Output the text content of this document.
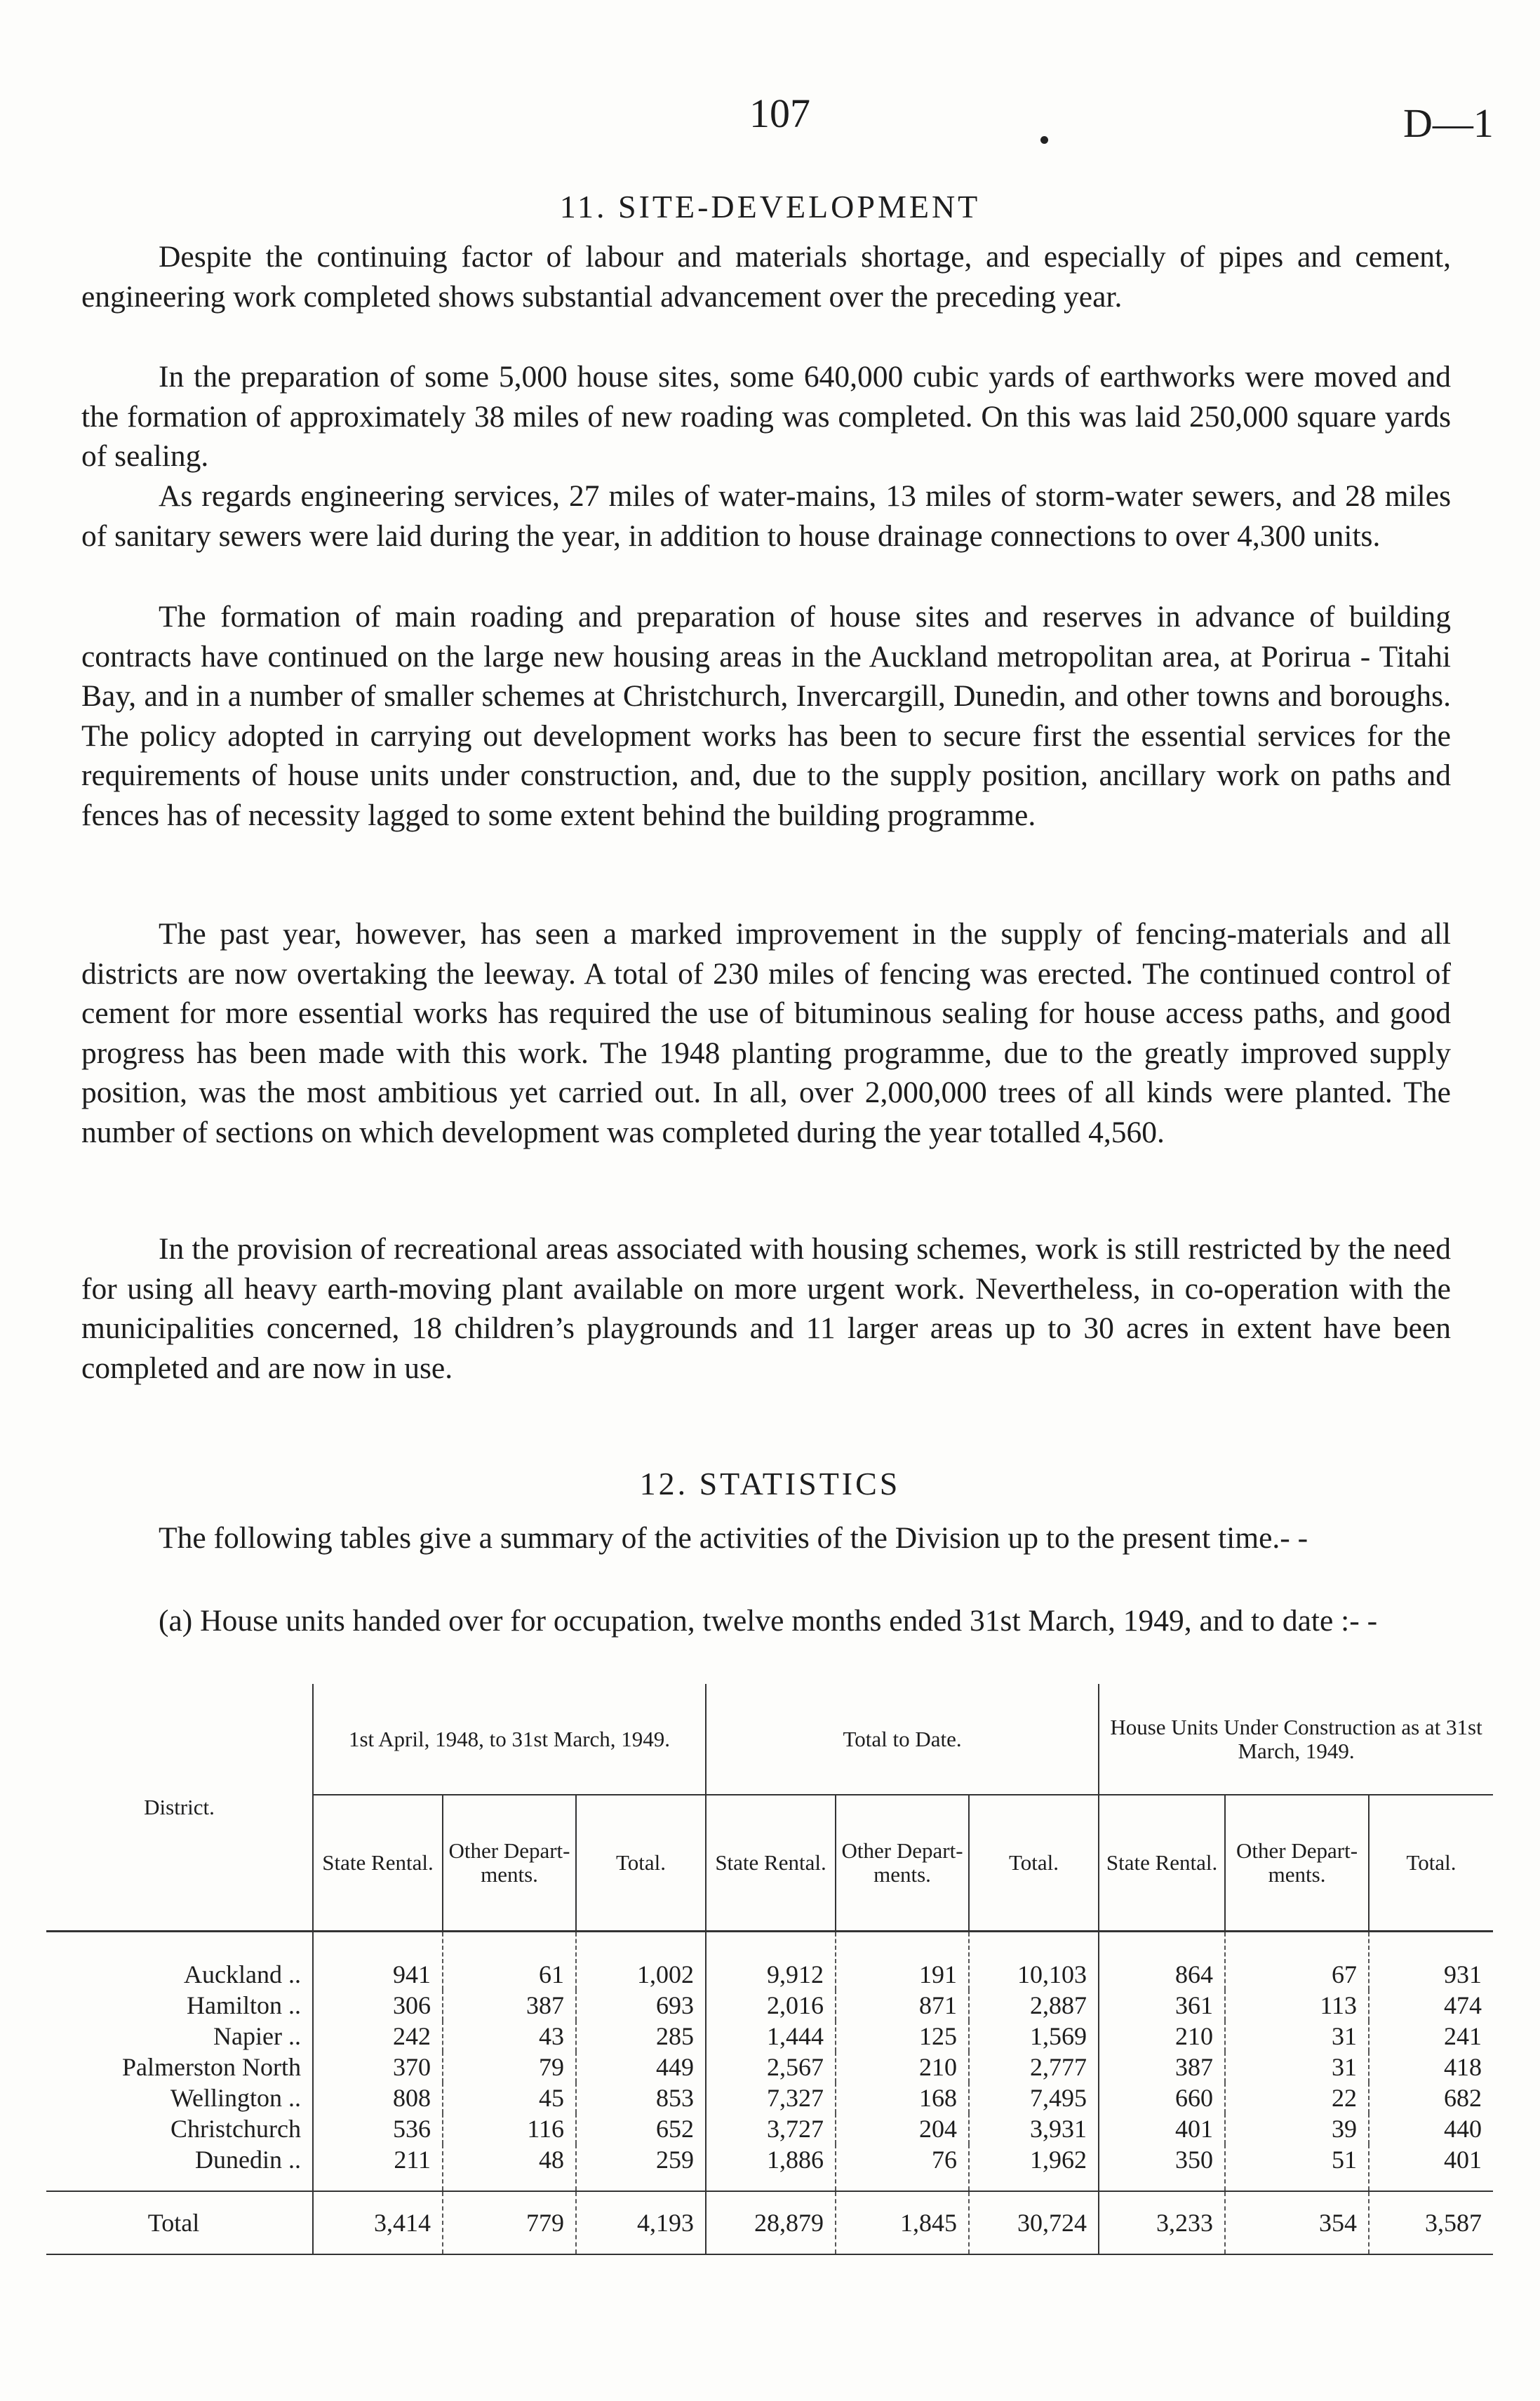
107	D—1
11. SITE-DEVELOPMENT

Despite the continuing factor of labour and materials shortage, and especially of pipes and cement, engineering work completed shows substantial advancement over the preceding year.

In the preparation of some 5,000 house sites, some 640,000 cubic yards of earthworks were moved and the formation of approximately 38 miles of new roading was completed. On this was laid 250,000 square yards of sealing.

As regards engineering services, 27 miles of water-mains, 13 miles of storm-water sewers, and 28 miles of sanitary sewers were laid during the year, in addition to house drainage connections to over 4,300 units.

The formation of main roading and preparation of house sites and reserves in advance of building contracts have continued on the large new housing areas in the Auckland metropolitan area, at Porirua - Titahi Bay, and in a number of smaller schemes at Christchurch, Invercargill, Dunedin, and other towns and boroughs. The policy adopted in carrying out development works has been to secure first the essential services for the requirements of house units under construction, and, due to the supply position, ancillary work on paths and fences has of necessity lagged to some extent behind the building programme.

The past year, however, has seen a marked improvement in the supply of fencing-materials and all districts are now overtaking the leeway. A total of 230 miles of fencing was erected. The continued control of cement for more essential works has required the use of bituminous sealing for house access paths, and good progress has been made with this work. The 1948 planting programme, due to the greatly improved supply position, was the most ambitious yet carried out. In all, over 2,000,000 trees of all kinds were planted. The number of sections on which development was completed during the year totalled 4,560.

In the provision of recreational areas associated with housing schemes, work is still restricted by the need for using all heavy earth-moving plant available on more urgent work. Nevertheless, in co-operation with the municipalities concerned, 18 children’s playgrounds and 11 larger areas up to 30 acres in extent have been completed and are now in use.

12. STATISTICS

The following tables give a summary of the activities of the Division up to the present time.- -

(a) House units handed over for occupation, twelve months ended 31st March, 1949, and to date :- -

District.	1st April, 1948, to 31st March, 1949.			Total to Date.			House Units Under Construction as at 31st March, 1949.		
	State Rental.	Other Depart-ments.	Total.	State Rental.	Other Depart-ments.	Total.	State Rental.	Other Depart-ments.	Total.
Auckland ..	941	61	1,002	9,912	191	10,103	864	67	931
Hamilton ..	306	387	693	2,016	871	2,887	361	113	474
Napier ..	242	43	285	1,444	125	1,569	210	31	241
Palmerston North	370	79	449	2,567	210	2,777	387	31	418
Wellington ..	808	45	853	7,327	168	7,495	660	22	682
Christchurch	536	116	652	3,727	204	3,931	401	39	440
Dunedin ..	211	48	259	1,886	76	1,962	350	51	401
Total	3,414	779	4,193	28,879	1,845	30,724	3,233	354	3,587
